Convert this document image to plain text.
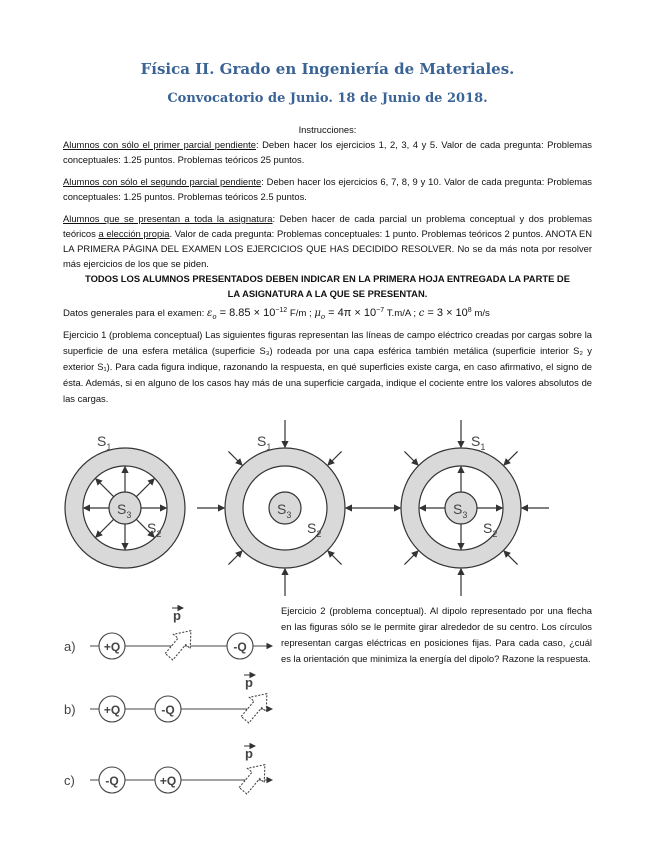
Física II. Grado en Ingeniería de Materiales.
Convocatorio de Junio. 18 de Junio de 2018.
Instrucciones:
Alumnos con sólo el primer parcial pendiente: Deben hacer los ejercicios 1, 2, 3, 4 y 5. Valor de cada pregunta: Problemas conceptuales: 1.25 puntos. Problemas teóricos 25 puntos.
Alumnos con sólo el segundo parcial pendiente: Deben hacer los ejercicios 6, 7, 8, 9 y 10. Valor de cada pregunta: Problemas conceptuales: 1.25 puntos. Problemas teóricos 2.5 puntos.
Alumnos que se presentan a toda la asignatura: Deben hacer de cada parcial un problema conceptual y dos problemas teóricos a elección propia. Valor de cada pregunta: Problemas conceptuales: 1 punto. Problemas teóricos 2 puntos. ANOTA EN LA PRIMERA PÁGINA DEL EXAMEN LOS EJERCICIOS QUE HAS DECIDIDO RESOLVER. No se da más nota por resolver más ejercicios de los que se piden.
TODOS LOS ALUMNOS PRESENTADOS DEBEN INDICAR EN LA PRIMERA HOJA ENTREGADA LA PARTE DE LA ASIGNATURA A LA QUE SE PRESENTAN.
Datos generales para el examen: $\varepsilon_o = 8.85 \times 10^{-12}$ F/m ; $\mu_o = 4\pi \times 10^{-7}$ T.m/A ; $c = 3 \times 10^8$ m/s
Ejercicio 1 (problema conceptual) Las siguientes figuras representan las líneas de campo eléctrico creadas por cargas sobre la superficie de una esfera metálica (superficie S₃) rodeada por una capa esférica también metálica (superficie interior S₂ y exterior S₁). Para cada figura indique, razonando la respuesta, en qué superficies existe carga, en caso afirmativo, el signo de ésta. Además, si en alguno de los casos hay más de una superficie cargada, indique el cociente entre los valores absolutos de las cargas.
$S_1$
$S_2$
$S_3$
$S_1$
$S_2$
$S_3$
$S_1$
$S_2$
$S_3$
a) +Q	-Q
p
b) +Q	-Q
p
c)	-Q	+Q
p
Ejercicio 2 (problema conceptual). Al dipolo representado por una flecha en las figuras sólo se le permite girar alrededor de su centro. Los círculos representan cargas eléctricas en posiciones fijas. Para cada caso, ¿cuál es la orientación que minimiza la energía del dipolo? Razone la respuesta.
